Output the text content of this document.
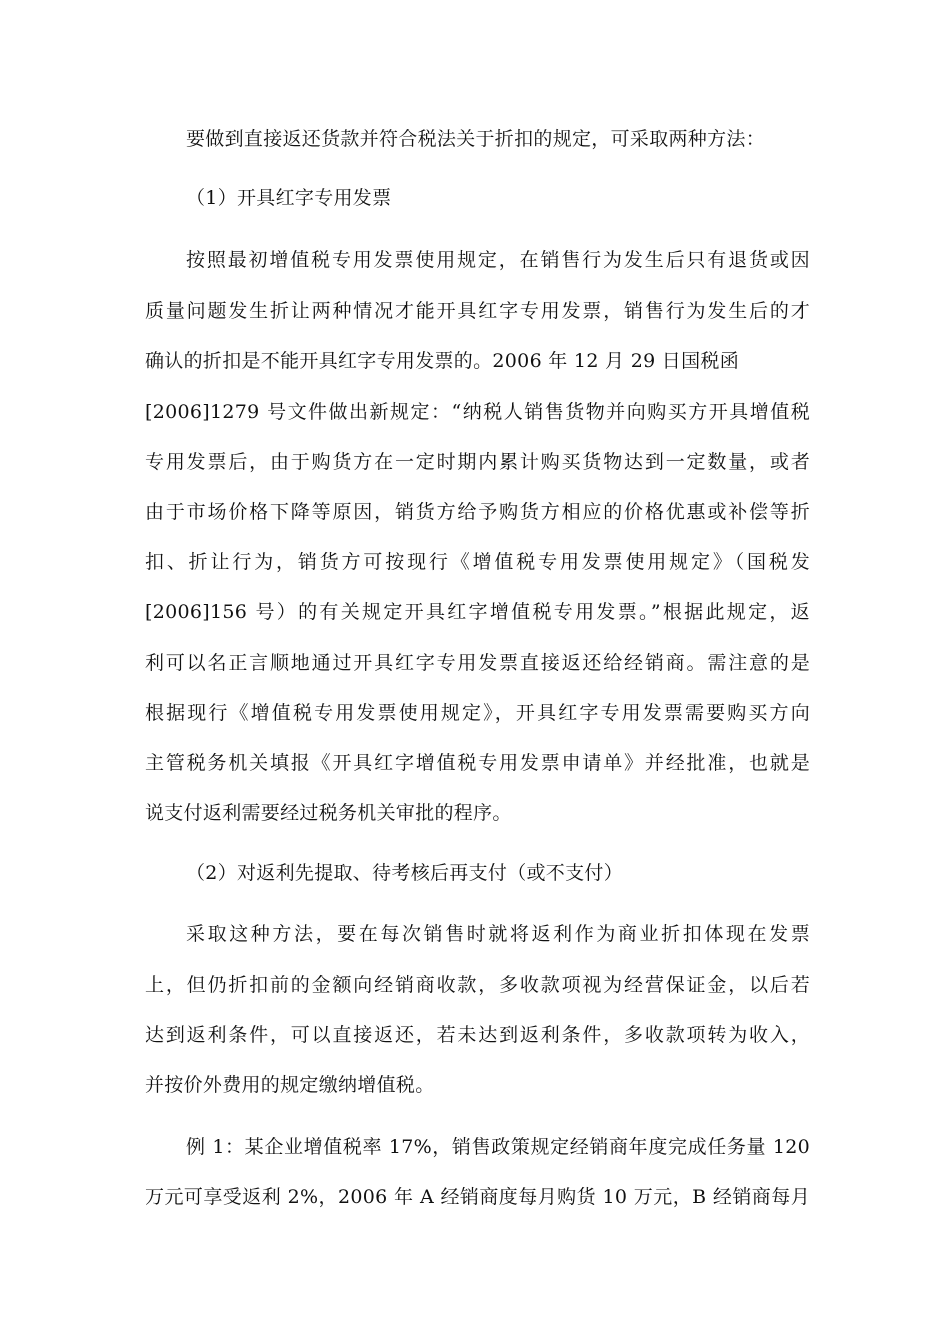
要做到直接返还货款并符合税法关于折扣的规定，可采取两种方法：
（1）开具红字专用发票
按照最初增值税专用发票使用规定，在销售行为发生后只有退货或因
质量问题发生折让两种情况才能开具红字专用发票，销售行为发生后的才
确认的折扣是不能开具红字专用发票的。2006 年 12 月 29 日国税函
[2006]1279 号文件做出新规定：“纳税人销售货物并向购买方开具增值税
专用发票后，由于购货方在一定时期内累计购买货物达到一定数量，或者
由于市场价格下降等原因，销货方给予购货方相应的价格优惠或补偿等折
扣、折让行为，销货方可按现行《增值税专用发票使用规定》（国税发
[2006]156 号）的有关规定开具红字增值税专用发票。”根据此规定，返
利可以名正言顺地通过开具红字专用发票直接返还给经销商。需注意的是
根据现行《增值税专用发票使用规定》，开具红字专用发票需要购买方向
主管税务机关填报《开具红字增值税专用发票申请单》并经批准，也就是
说支付返利需要经过税务机关审批的程序。
（2）对返利先提取、待考核后再支付（或不支付）
采取这种方法，要在每次销售时就将返利作为商业折扣体现在发票
上，但仍折扣前的金额向经销商收款，多收款项视为经营保证金，以后若
达到返利条件，可以直接返还，若未达到返利条件，多收款项转为收入，
并按价外费用的规定缴纳增值税。
例 1：某企业增值税率 17%，销售政策规定经销商年度完成任务量 120
万元可享受返利 2%，2006 年 A 经销商度每月购货 10 万元，B 经销商每月
